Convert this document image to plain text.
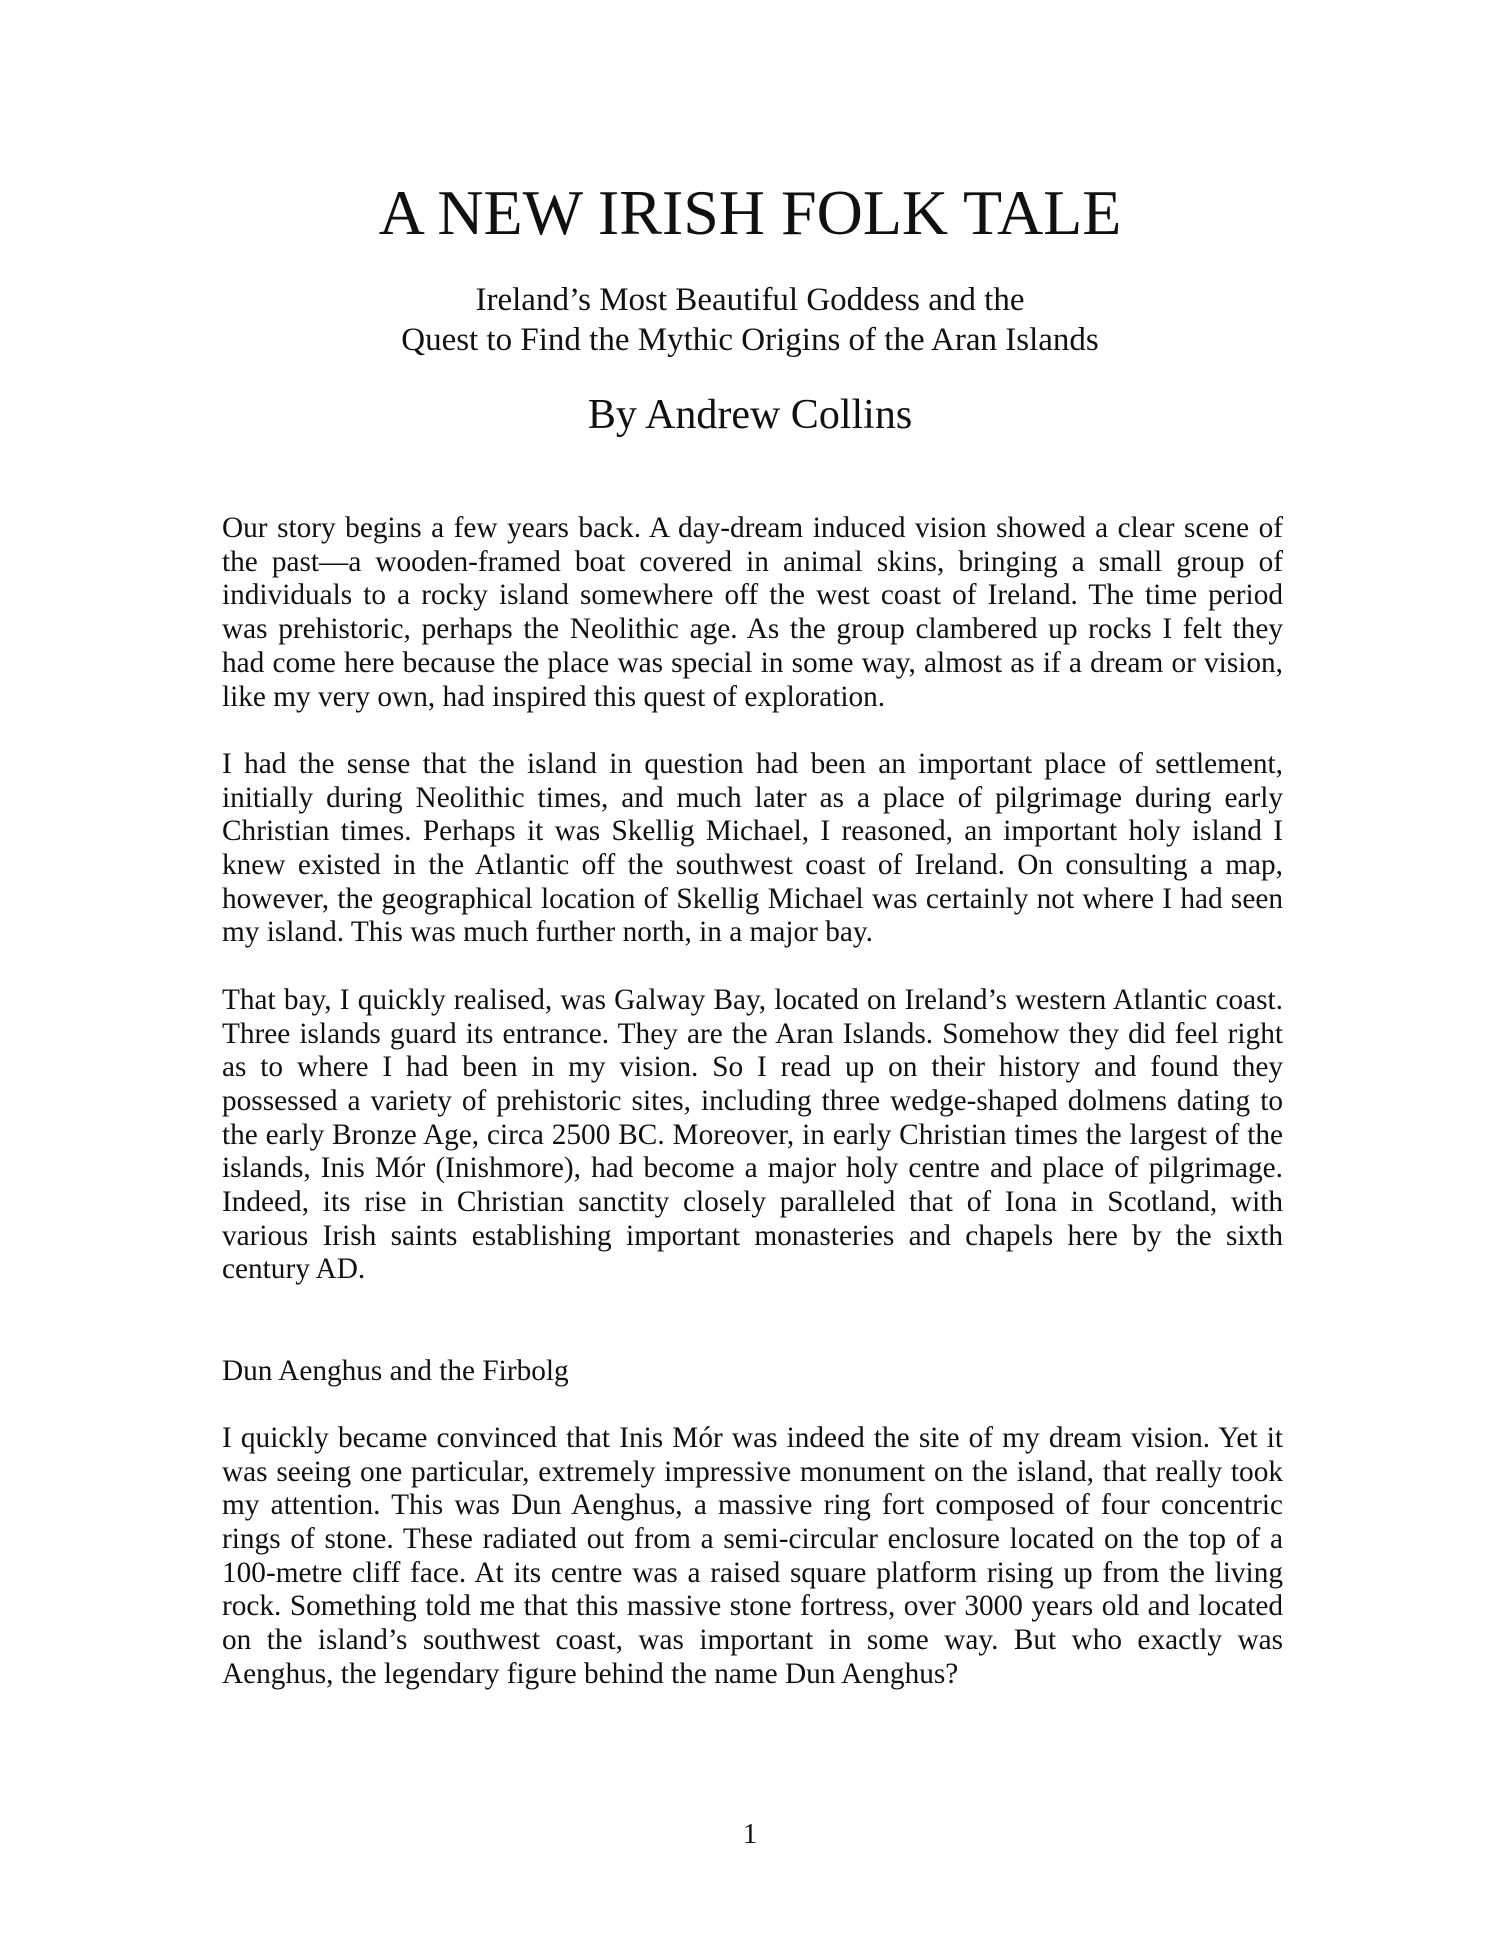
A NEW IRISH FOLK TALE
Ireland’s Most Beautiful Goddess and the
Quest to Find the Mythic Origins of the Aran Islands
By Andrew Collins

Our story begins a few years back. A day-dream induced vision showed a clear scene of the past—a wooden-framed boat covered in animal skins, bringing a small group of individuals to a rocky island somewhere off the west coast of Ireland. The time period was prehistoric, perhaps the Neolithic age. As the group clambered up rocks I felt they had come here because the place was special in some way, almost as if a dream or vision, like my very own, had inspired this quest of exploration.

I had the sense that the island in question had been an important place of settlement, initially during Neolithic times, and much later as a place of pilgrimage during early Christian times. Perhaps it was Skellig Michael, I reasoned, an important holy island I knew existed in the Atlantic off the southwest coast of Ireland. On consulting a map, however, the geographical location of Skellig Michael was certainly not where I had seen my island. This was much further north, in a major bay.

That bay, I quickly realised, was Galway Bay, located on Ireland’s western Atlantic coast. Three islands guard its entrance. They are the Aran Islands. Somehow they did feel right as to where I had been in my vision. So I read up on their history and found they possessed a variety of prehistoric sites, including three wedge-shaped dolmens dating to the early Bronze Age, circa 2500 BC. Moreover, in early Christian times the largest of the islands, Inis Mór (Inishmore), had become a major holy centre and place of pilgrimage. Indeed, its rise in Christian sanctity closely paralleled that of Iona in Scotland, with various Irish saints establishing important monasteries and chapels here by the sixth century AD.

Dun Aenghus and the Firbolg

I quickly became convinced that Inis Mór was indeed the site of my dream vision. Yet it was seeing one particular, extremely impressive monument on the island, that really took my attention. This was Dun Aenghus, a massive ring fort composed of four concentric rings of stone. These radiated out from a semi-circular enclosure located on the top of a 100-metre cliff face. At its centre was a raised square platform rising up from the living rock. Something told me that this massive stone fortress, over 3000 years old and located on the island’s southwest coast, was important in some way. But who exactly was Aenghus, the legendary figure behind the name Dun Aenghus?

1
